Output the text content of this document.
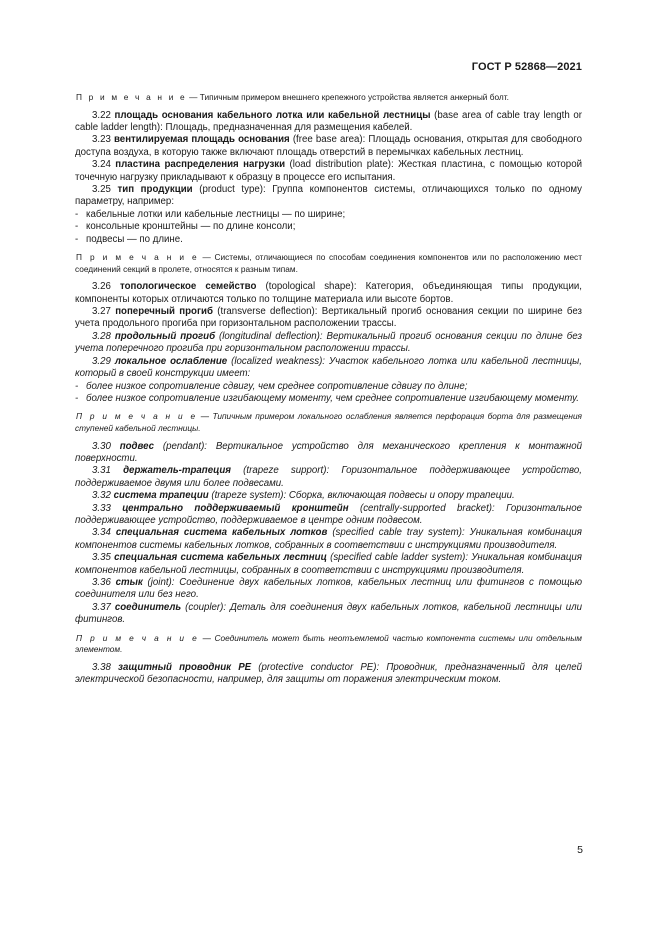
ГОСТ Р 52868—2021
П р и м е ч а н и е — Типичным примером внешнего крепежного устройства является анкерный болт.
3.22 площадь основания кабельного лотка или кабельной лестницы (base area of cable tray length or cable ladder length): Площадь, предназначенная для размещения кабелей.
3.23 вентилируемая площадь основания (free base area): Площадь основания, открытая для свободного доступа воздуха, в которую также включают площадь отверстий в перемычках кабельных лестниц.
3.24 пластина распределения нагрузки (load distribution plate): Жесткая пластина, с помощью которой точечную нагрузку прикладывают к образцу в процессе его испытания.
3.25 тип продукции (product type): Группа компонентов системы, отличающихся только по одному параметру, например:
- кабельные лотки или кабельные лестницы — по ширине;
- консольные кронштейны — по длине консоли;
- подвесы — по длине.
П р и м е ч а н и е — Системы, отличающиеся по способам соединения компонентов или по расположению мест соединений секций в пролете, относятся к разным типам.
3.26 топологическое семейство (topological shape): Категория, объединяющая типы продукции, компоненты которых отличаются только по толщине материала или высоте бортов.
3.27 поперечный прогиб (transverse deflection): Вертикальный прогиб основания секции по ширине без учета продольного прогиба при горизонтальном расположении трассы.
3.28 продольный прогиб (longitudinal deflection): Вертикальный прогиб основания секции по длине без учета поперечного прогиба при горизонтальном расположении трассы.
3.29 локальное ослабление (localized weakness): Участок кабельного лотка или кабельной лестницы, который в своей конструкции имеет:
- более низкое сопротивление сдвигу, чем среднее сопротивление сдвигу по длине;
- более низкое сопротивление изгибающему моменту, чем среднее сопротивление изгибающему моменту.
П р и м е ч а н и е — Типичным примером локального ослабления является перфорация борта для размещения ступеней кабельной лестницы.
3.30 подвес (pendant): Вертикальное устройство для механического крепления к монтажной поверхности.
3.31 держатель-трапеция (trapeze support): Горизонтальное поддерживающее устройство, поддерживаемое двумя или более подвесами.
3.32 система трапеции (trapeze system): Сборка, включающая подвесы и опору трапеции.
3.33 центрально поддерживаемый кронштейн (centrally-supported bracket): Горизонтальное поддерживающее устройство, поддерживаемое в центре одним подвесом.
3.34 специальная система кабельных лотков (specified cable tray system): Уникальная комбинация компонентов системы кабельных лотков, собранных в соответствии с инструкциями производителя.
3.35 специальная система кабельных лестниц (specified cable ladder system): Уникальная комбинация компонентов кабельной лестницы, собранных в соответствии с инструкциями производителя.
3.36 стык (joint): Соединение двух кабельных лотков, кабельных лестниц или фитингов с помощью соединителя или без него.
3.37 соединитель (coupler): Деталь для соединения двух кабельных лотков, кабельной лестницы или фитингов.
П р и м е ч а н и е — Соединитель может быть неотъемлемой частью компонента системы или отдельным элементом.
3.38 защитный проводник PE (protective conductor PE): Проводник, предназначенный для целей электрической безопасности, например, для защиты от поражения электрическим током.
5
